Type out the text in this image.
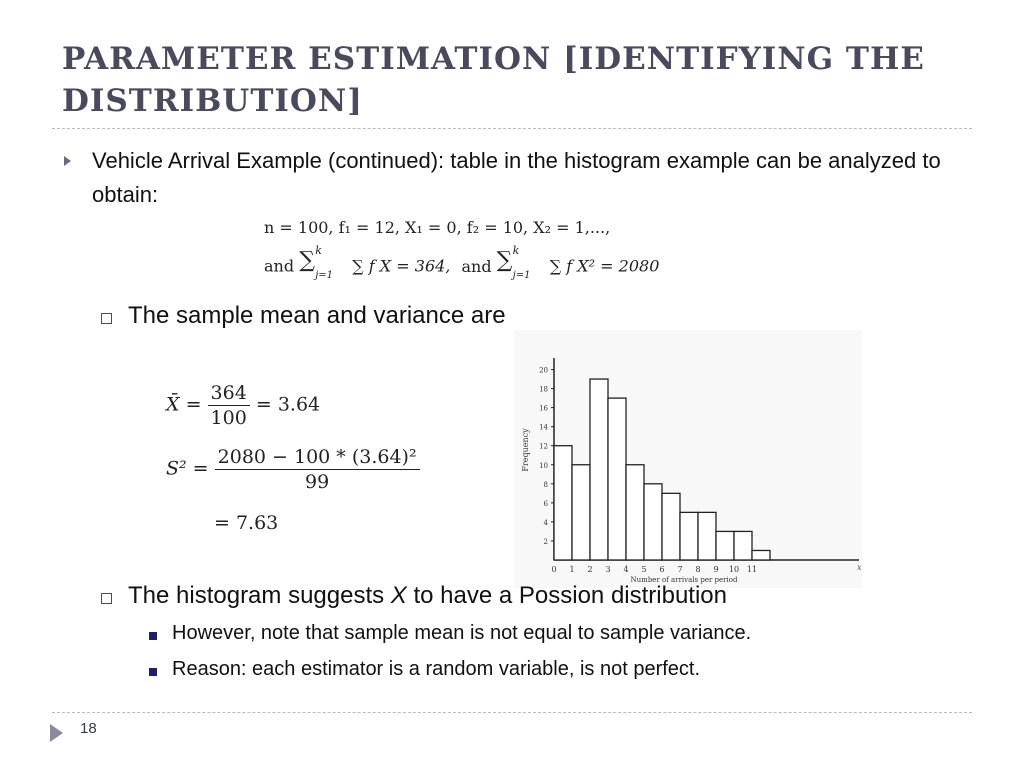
PARAMETER ESTIMATION [IDENTIFYING THE DISTRIBUTION]
Vehicle Arrival Example (continued): table in the histogram example can be analyzed to obtain:
n = 100, f₁ = 12, X₁ = 0, f₂ = 10, X₂ = 1,...,
and ∑ k
j=1 ∑ f X = 364, and ∑ k
j=1 ∑ f X² = 2080
The sample mean and variance are
X̄ = $\frac{364}{100} = 3.64$
$S^2 = \frac{\text{2080 − 100 * (3.64)²}}{99}$
= 7.63
0 1 2 3 4 5 6 7 8 9 10 11
2
4
6
8
10
12
14
16
18
20
x
Number of arrivals per period
Frequency
The histogram suggests X to have a Possion distribution
However, note that sample mean is not equal to sample variance.
Reason: each estimator is a random variable, is not perfect.
18
